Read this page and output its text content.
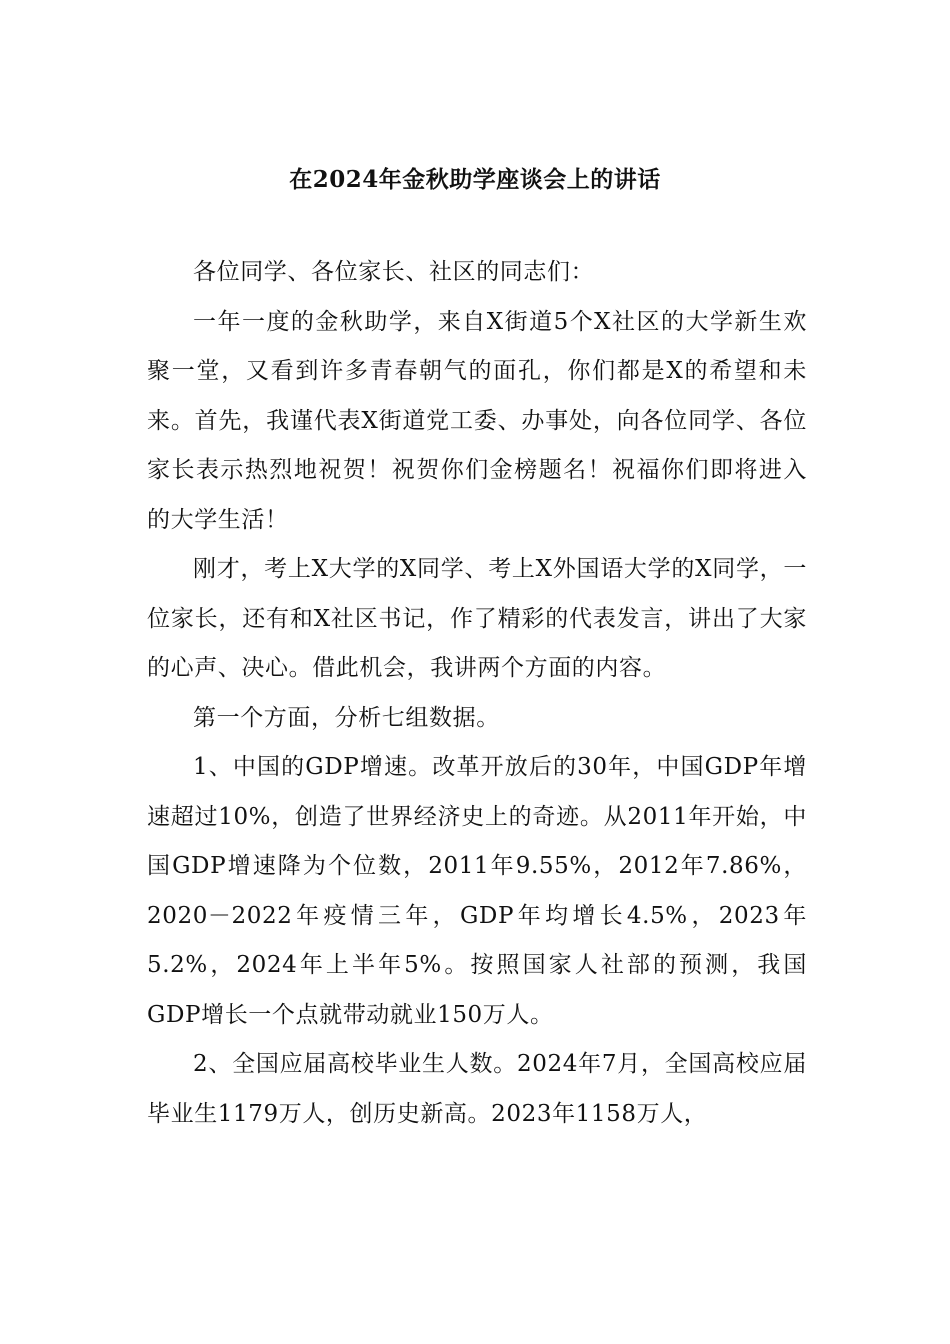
在2024年金秋助学座谈会上的讲话

各位同学、各位家长、社区的同志们：

一年一度的金秋助学，来自X街道5个X社区的大学新生欢聚一堂，又看到许多青春朝气的面孔，你们都是X的希望和未来。首先，我谨代表X街道党工委、办事处，向各位同学、各位家长表示热烈地祝贺！祝贺你们金榜题名！祝福你们即将进入的大学生活！

刚才，考上X大学的X同学、考上X外国语大学的X同学，一位家长，还有和X社区书记，作了精彩的代表发言，讲出了大家的心声、决心。借此机会，我讲两个方面的内容。

第一个方面，分析七组数据。

1、中国的GDP增速。改革开放后的30年，中国GDP年增速超过10%，创造了世界经济史上的奇迹。从2011年开始，中国GDP增速降为个位数，2011年9.55%，2012年7.86%，2020－2022年疫情三年，GDP年均增长4.5%，2023年5.2%，2024年上半年5%。按照国家人社部的预测，我国GDP增长一个点就带动就业150万人。

2、全国应届高校毕业生人数。2024年7月，全国高校应届毕业生1179万人，创历史新高。2023年1158万人，
